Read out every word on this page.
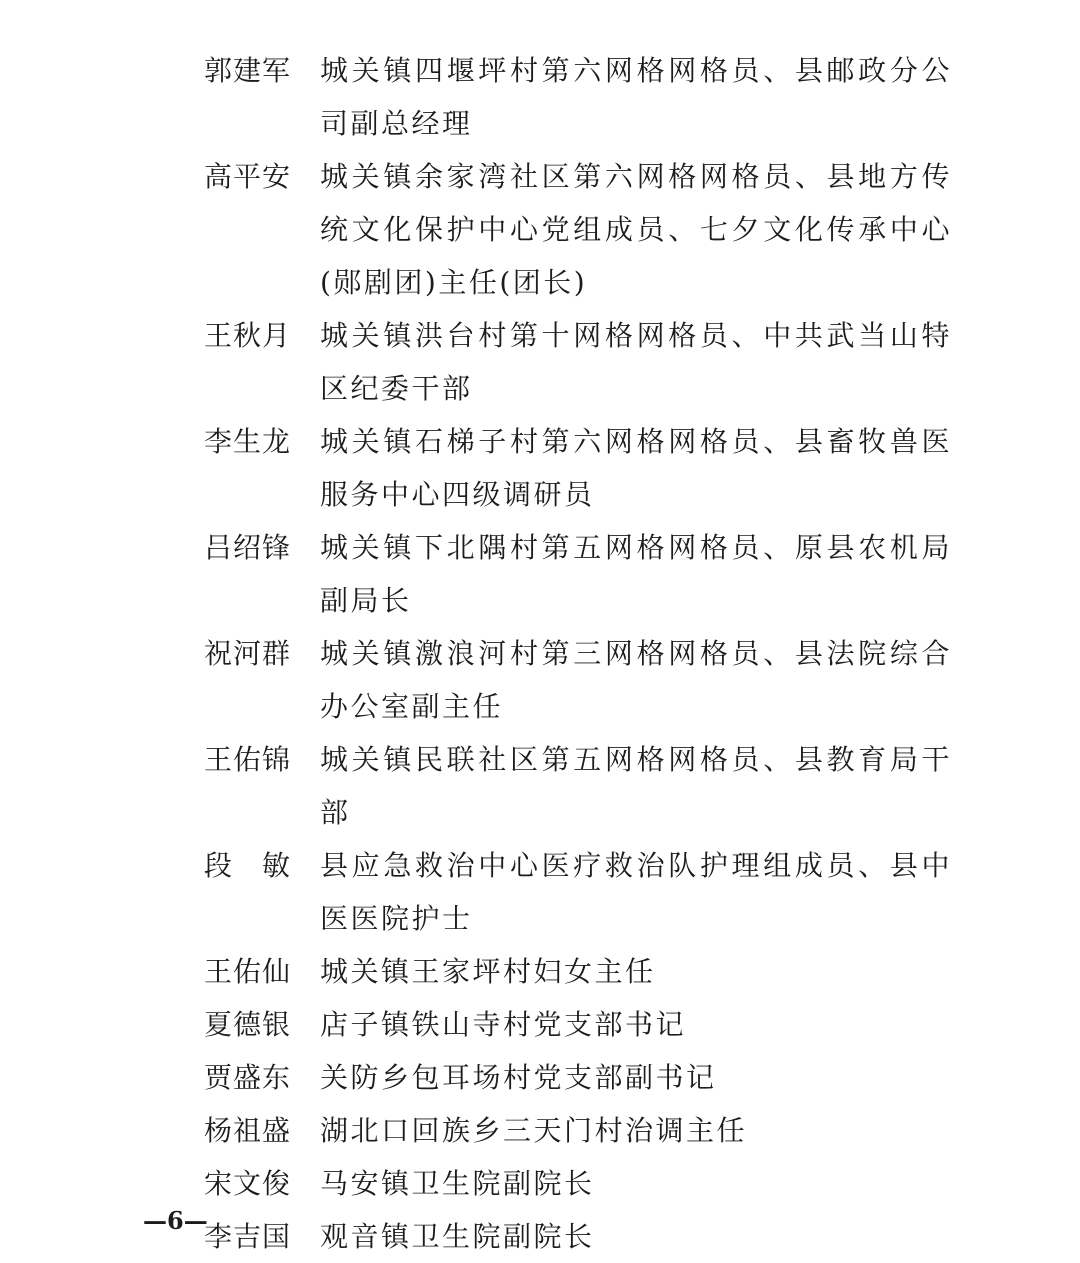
郭建军	城关镇四堰坪村第六网格网格员、县邮政分公司副总经理
高平安	城关镇余家湾社区第六网格网格员、县地方传统文化保护中心党组成员、七夕文化传承中心(郧剧团)主任(团长)
王秋月	城关镇洪台村第十网格网格员、中共武当山特区纪委干部
李生龙	城关镇石梯子村第六网格网格员、县畜牧兽医服务中心四级调研员
吕绍锋	城关镇下北隅村第五网格网格员、原县农机局副局长
祝河群	城关镇激浪河村第三网格网格员、县法院综合办公室副主任
王佑锦	城关镇民联社区第五网格网格员、县教育局干部
段　敏	县应急救治中心医疗救治队护理组成员、县中医医院护士
王佑仙	城关镇王家坪村妇女主任
夏德银	店子镇铁山寺村党支部书记
贾盛东	关防乡包耳场村党支部副书记
杨祖盛	湖北口回族乡三天门村治调主任
宋文俊	马安镇卫生院副院长
李吉国	观音镇卫生院副院长
—6—
